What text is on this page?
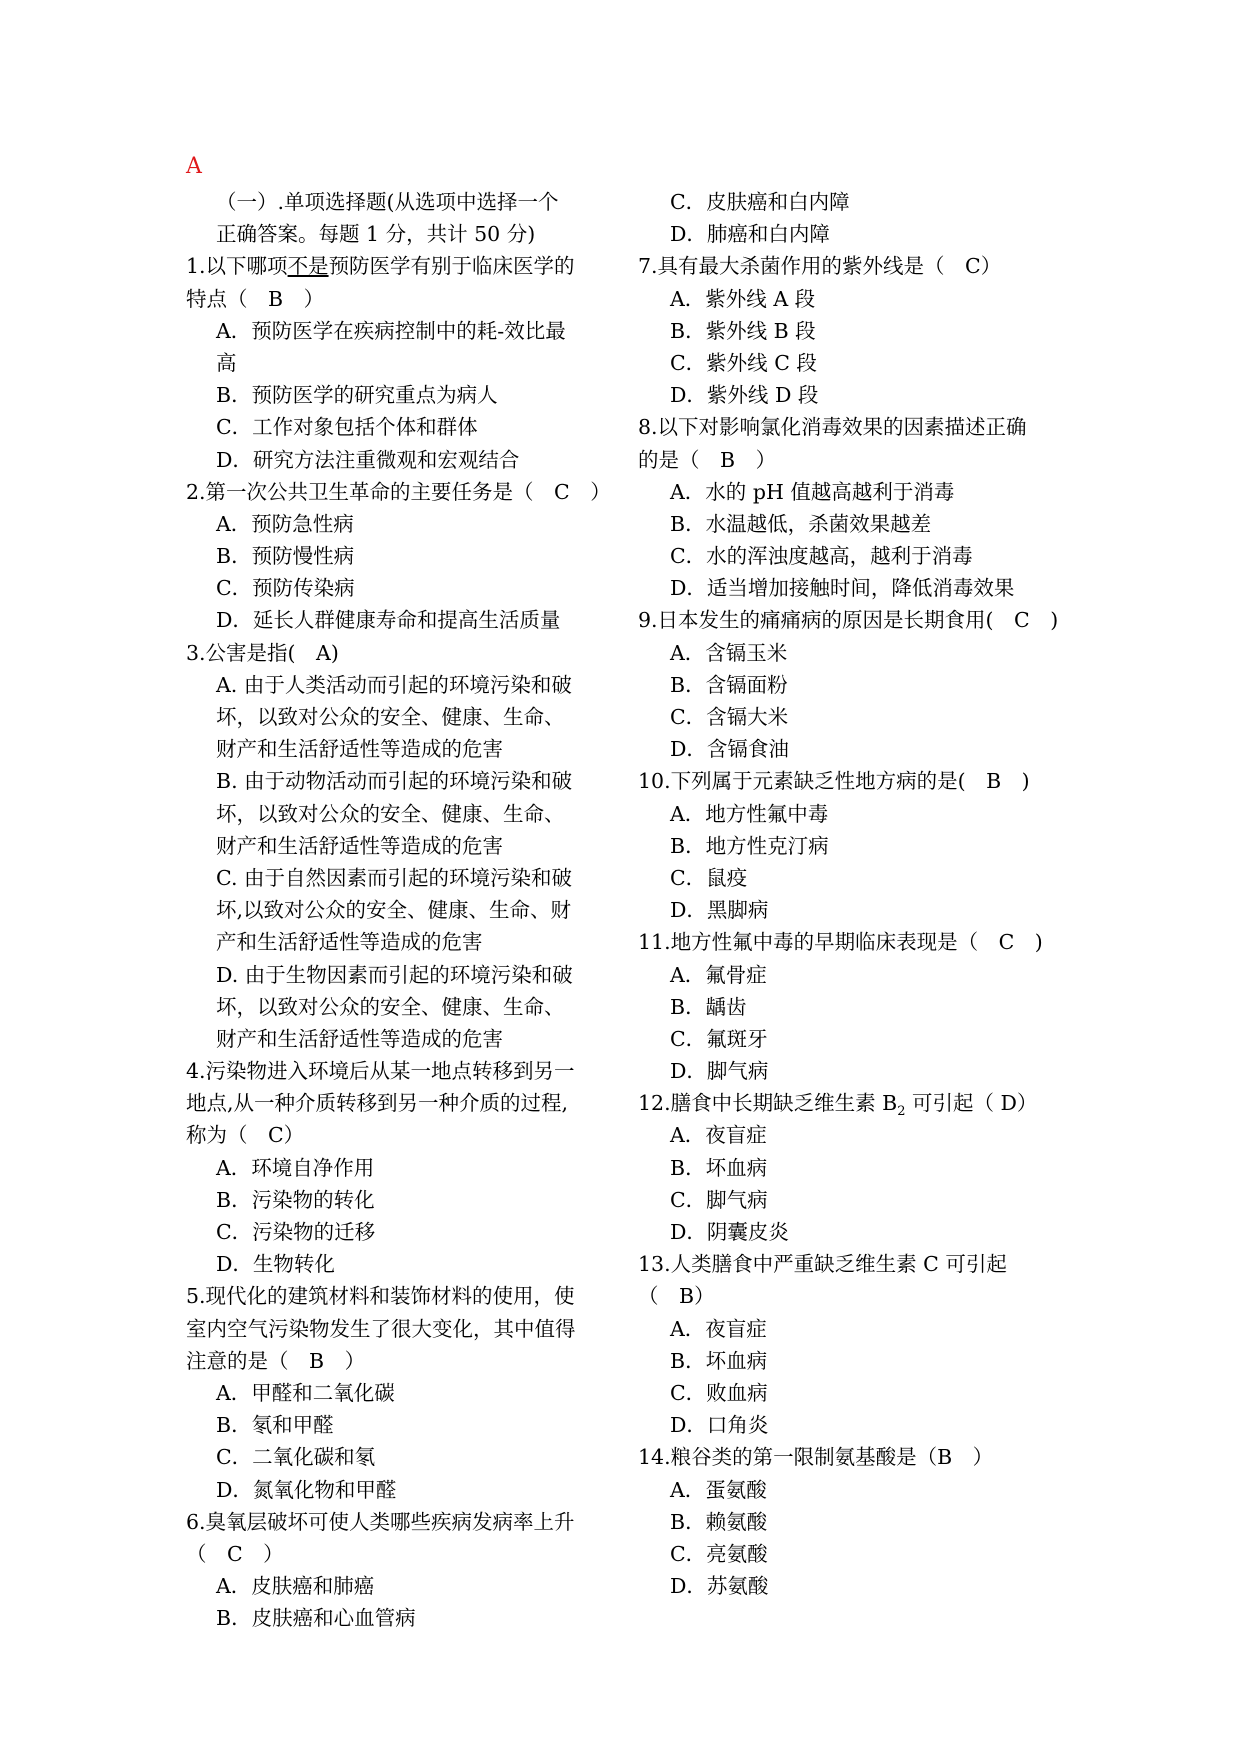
A
（一）.单项选择题(从选项中选择一个
正确答案。每题 1 分，共计 50 分)
1.以下哪项不是预防医学有别于临床医学的
特点（　B　）
A．预防医学在疾病控制中的耗-效比最
高
B．预防医学的研究重点为病人
C．工作对象包括个体和群体
D．研究方法注重微观和宏观结合
2.第一次公共卫生革命的主要任务是（　C　）
A．预防急性病
B．预防慢性病
C．预防传染病
D．延长人群健康寿命和提高生活质量
3.公害是指(　A)
A. 由于人类活动而引起的环境污染和破
坏，以致对公众的安全、健康、生命、
财产和生活舒适性等造成的危害
B. 由于动物活动而引起的环境污染和破
坏，以致对公众的安全、健康、生命、
财产和生活舒适性等造成的危害
C. 由于自然因素而引起的环境污染和破
坏,以致对公众的安全、健康、生命、财
产和生活舒适性等造成的危害
D. 由于生物因素而引起的环境污染和破
坏，以致对公众的安全、健康、生命、
财产和生活舒适性等造成的危害
4.污染物进入环境后从某一地点转移到另一
地点,从一种介质转移到另一种介质的过程,
称为（　C）
A．环境自净作用
B．污染物的转化
C．污染物的迁移
D．生物转化
5.现代化的建筑材料和装饰材料的使用，使
室内空气污染物发生了很大变化，其中值得
注意的是（　B　）
A．甲醛和二氧化碳
B．氡和甲醛
C．二氧化碳和氡
D．氮氧化物和甲醛
6.臭氧层破坏可使人类哪些疾病发病率上升
（　C　）
A．皮肤癌和肺癌
B．皮肤癌和心血管病
C．皮肤癌和白内障
D．肺癌和白内障
7.具有最大杀菌作用的紫外线是（　C）
A．紫外线 A 段
B．紫外线 B 段
C．紫外线 C 段
D．紫外线 D 段
8.以下对影响氯化消毒效果的因素描述正确
的是（　B　）
A．水的 pH 值越高越利于消毒
B．水温越低，杀菌效果越差
C．水的浑浊度越高，越利于消毒
D．适当增加接触时间，降低消毒效果
9.日本发生的痛痛病的原因是长期食用(　C　)
A．含镉玉米
B．含镉面粉
C．含镉大米
D．含镉食油
10.下列属于元素缺乏性地方病的是(　B　)
A．地方性氟中毒
B．地方性克汀病
C．鼠疫
D．黑脚病
11.地方性氟中毒的早期临床表现是（　C　)
A．氟骨症
B．龋齿
C．氟斑牙
D．脚气病
12.膳食中长期缺乏维生素 $B_2$ 可引起（ D）
A．夜盲症
B．坏血病
C．脚气病
D．阴囊皮炎
13.人类膳食中严重缺乏维生素 C 可引起
（　B）
A．夜盲症
B．坏血病
C．败血病
D．口角炎
14.粮谷类的第一限制氨基酸是（B　）
A．蛋氨酸
B．赖氨酸
C．亮氨酸
D．苏氨酸
